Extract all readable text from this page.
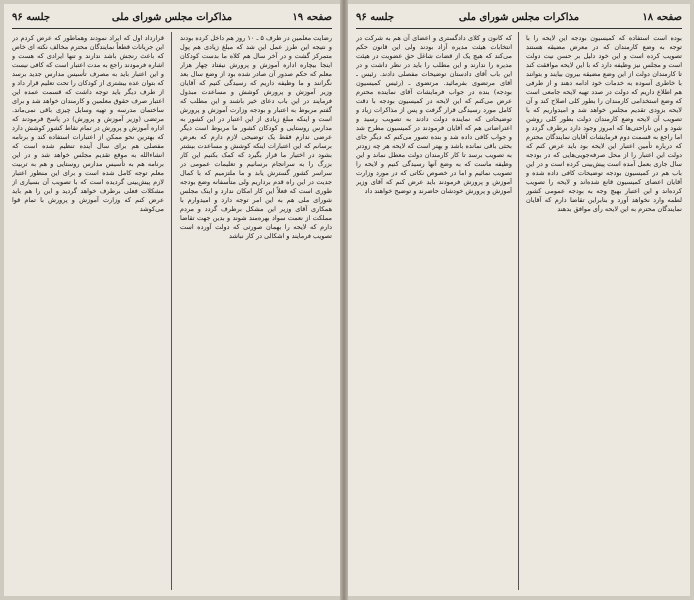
صفحه ۱۹
مذاکرات مجلس شورای ملی
جلسه ۹۶

رضایت معلمین در ظرف ۵ ـ ۱۰ روز هم داخل کرده بودند و نتیجه این طرز عمل این شد که مبلغ زیادی هم پول متمرکز گشت و در آخر سال هم کلاه ما بدست کودکان اینجا بیچاره اداره آموزش و پرورش نیفتاد چهار هزار معلم که حکم صدور آن صادر شده بود از وضع سال بعد نگرانند و ما وظیفه داریم که رسیدگی کنیم که آقایان وزیر آموزش و پرورش کوشش و مساعدت مبذول فرمایند در این باب دعای خیر باشند و این مطلب که گفتم مربوط به اعتبار و بودجه وزارت آموزش و پرورش است و اینکه مبلغ زیادی از این اعتبار در این کشور به مدارس روستایی و کودکان کشور ما مربوط است دیگر عرضی ندارم فقط یک توضیحی لازم دارم که بعرض برسانم که این اعتبارات اینکه کوشش و مساعدت بیشتر بشود در اختیار ما قرار بگیرد که کمک بکنیم این کار بزرگ را به سرانجام برسانیم و تعلیمات عمومی در سراسر کشور گسترش یابد و ما ملتزمیم که با کمال جدیت در این راه قدم برداریم ولی متأسفانه وضع بودجه طوری است که فعلاً این کار امکان ندارد و اینک مجلس شورای ملی هم به این امر توجه دارد و امیدوارم با همکاری آقای وزیر این مشکل برطرف گردد و مردم مملکت از نعمت سواد بهره‌مند شوند و بدین جهت تقاضا دارم که لایحه را بهمان صورتی که دولت آورده است تصویب فرمایند و اشکالی در کار نباشد

قرارداد اول که ایراد نمودند وهماطور که عرض کردم در این جریانات قطعاً نمایندگان محترم مخالف نکته ای خاص که باعث رنجش باشد ندارند و تنها ایرادی که هست و اشاره فرمودند راجع به مدت اعتبار است که کافی نیست و این اعتبار باید به مصرف تأسیس مدارس جدید برسد که بتوان عده بیشتری از کودکان را تحت تعلیم قرار داد و از طرف دیگر باید توجه داشت که قسمت عمده این اعتبار صرف حقوق معلمین و کارمندان خواهد شد و برای ساختمان مدرسه و تهیه وسایل چیزی باقی نمی‌ماند. مرتضی (وزیر آموزش و پرورش) در پاسخ فرمودند که اداره آموزش و پرورش در تمام نقاط کشور کوشش دارد که بهترین نحو ممکن از اعتبارات استفاده کند و برنامه مفصلی هم برای سال آینده تنظیم شده است که انشاءالله به موقع تقدیم مجلس خواهد شد و در این برنامه هم به تأسیس مدارس روستایی و هم به تربیت معلم توجه کامل شده است و برای این منظور اعتبار لازم پیش‌بینی گردیده است که با تصویب آن بسیاری از مشکلات فعلی برطرف خواهد گردید و این را هم باید عرض کنم که وزارت آموزش و پرورش با تمام قوا می‌کوشد

صفحه ۱۸
مذاکرات مجلس شورای ملی
جلسه ۹۶

بوده است استفاده که کمیسیون بودجه این لایحه را با توجه به وضع کارمندان که در معرض مضیقه هستند تصویب کرده است و این خود دلیل بر حسن نیت دولت است و مجلس نیز وظیفه دارد که با این لایحه موافقت کند تا کارمندان دولت از این وضع مضیقه بیرون بیایند و بتوانند با خاطری آسوده به خدمات خود ادامه دهند و از طرفی هم اطلاع داریم که دولت در صدد تهیه لایحه جامعی است که وضع استخدامی کارمندان را بطور کلی اصلاح کند و آن لایحه بزودی تقدیم مجلس خواهد شد و امیدواریم که با تصویب آن لایحه وضع کارمندان دولت بطور کلی روشن شود و این ناراحتی‌ها که امروز وجود دارد برطرف گردد و اما راجع به قسمت دوم فرمایشات آقایان نمایندگان محترم که درباره تأمین اعتبار این لایحه بود باید عرض کنم که دولت این اعتبار را از محل صرفه‌جویی‌هایی که در بودجه سال جاری بعمل آمده است پیش‌بینی کرده است و در این باب هم در کمیسیون بودجه توضیحات کافی داده شده و آقایان اعضای کمیسیون قانع شده‌اند و لایحه را تصویب کرده‌اند و این اعتبار بهیچ وجه به بودجه عمومی کشور لطمه وارد نخواهد آورد و بنابراین تقاضا دارم که آقایان نمایندگان محترم به این لایحه رأی موافق بدهند

که کانون و کلای دادگستری و اعضای آن هم به شرکت در انتخابات هیئت مدیره آزاد بودند ولی این قانون حکم می‌کند که هیچ یک از قضات شاغل حق عضویت در هیئت مدیره را ندارند و این مطلب را باید در نظر داشت و در این باب آقای دادستان توضیحات مفصلی دادند. رئیس ـ آقای مرتضوی بفرمائید. مرتضوی ـ (رئیس کمیسیون بودجه) بنده در جواب فرمایشات آقای نماینده محترم عرض می‌کنم که این لایحه در کمیسیون بودجه با دقت کامل مورد رسیدگی قرار گرفت و پس از مذاکرات زیاد و توضیحاتی که نماینده دولت دادند به تصویب رسید و اعتراضاتی هم که آقایان فرمودند در کمیسیون مطرح شد و جواب کافی داده شد و بنده تصور می‌کنم که دیگر جای بحثی باقی نمانده باشد و بهتر است که لایحه هر چه زودتر به تصویب برسد تا کار کارمندان دولت معطل نماند و این وظیفه ماست که به وضع آنها رسیدگی کنیم و لایحه را تصویب نمائیم و اما در خصوص نکاتی که در مورد وزارت آموزش و پرورش فرمودند باید عرض کنم که آقای وزیر آموزش و پرورش خودشان حاضرند و توضیح خواهند داد
